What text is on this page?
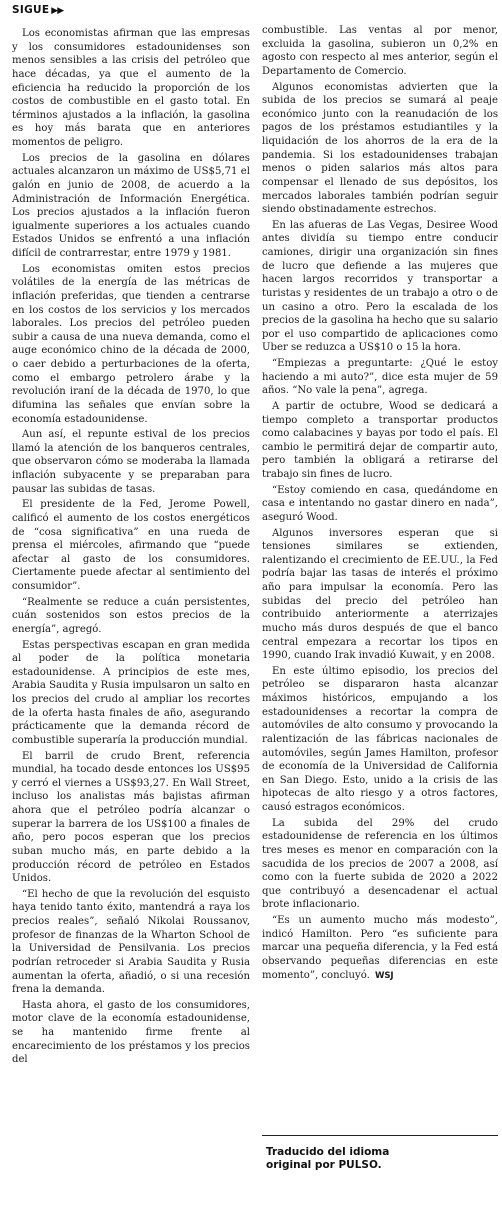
SIGUE ▶▶

Los economistas afirman que las empresas y los consumidores estadounidenses son menos sensibles a las crisis del petróleo que hace décadas, ya que el aumento de la eficiencia ha reducido la proporción de los costos de combustible en el gasto total. En términos ajustados a la inflación, la gasolina es hoy más barata que en anteriores momentos de peligro.

Los precios de la gasolina en dólares actuales alcanzaron un máximo de US$5,71 el galón en junio de 2008, de acuerdo a la Administración de Información Energética. Los precios ajustados a la inflación fueron igualmente superiores a los actuales cuando Estados Unidos se enfrentó a una inflación difícil de contrarrestar, entre 1979 y 1981.

Los economistas omiten estos precios volátiles de la energía de las métricas de inflación preferidas, que tienden a centrarse en los costos de los servicios y los mercados laborales. Los precios del petróleo pueden subir a causa de una nueva demanda, como el auge económico chino de la década de 2000, o caer debido a perturbaciones de la oferta, como el embargo petrolero árabe y la revolución iraní de la década de 1970, lo que difumina las señales que envían sobre la economía estadounidense.

Aun así, el repunte estival de los precios llamó la atención de los banqueros centrales, que observaron cómo se moderaba la llamada inflación subyacente y se preparaban para pausar las subidas de tasas.

El presidente de la Fed, Jerome Powell, calificó el aumento de los costos energéticos de “cosa significativa” en una rueda de prensa el miércoles, afirmando que “puede afectar al gasto de los consumidores. Ciertamente puede afectar al sentimiento del consumidor”.

“Realmente se reduce a cuán persistentes, cuán sostenidos son estos precios de la energía”, agregó.

Estas perspectivas escapan en gran medida al poder de la política monetaria estadounidense. A principios de este mes, Arabia Saudita y Rusia impulsaron un salto en los precios del crudo al ampliar los recortes de la oferta hasta finales de año, asegurando prácticamente que la demanda récord de combustible superaría la producción mundial.

El barril de crudo Brent, referencia mundial, ha tocado desde entonces los US$95 y cerró el viernes a US$93,27. En Wall Street, incluso los analistas más bajistas afirman ahora que el petróleo podría alcanzar o superar la barrera de los US$100 a finales de año, pero pocos esperan que los precios suban mucho más, en parte debido a la producción récord de petróleo en Estados Unidos.

“El hecho de que la revolución del esquisto haya tenido tanto éxito, mantendrá a raya los precios reales”, señaló Nikolai Roussanov, profesor de finanzas de la Wharton School de la Universidad de Pensilvania. Los precios podrían retroceder si Arabia Saudita y Rusia aumentan la oferta, añadió, o si una recesión frena la demanda.

Hasta ahora, el gasto de los consumidores, motor clave de la economía estadounidense, se ha mantenido firme frente al encarecimiento de los préstamos y los precios del

combustible. Las ventas al por menor, excluida la gasolina, subieron un 0,2% en agosto con respecto al mes anterior, según el Departamento de Comercio.

Algunos economistas advierten que la subida de los precios se sumará al peaje económico junto con la reanudación de los pagos de los préstamos estudiantiles y la liquidación de los ahorros de la era de la pandemia. Si los estadounidenses trabajan menos o piden salarios más altos para compensar el llenado de sus depósitos, los mercados laborales también podrían seguir siendo obstinadamente estrechos.

En las afueras de Las Vegas, Desiree Wood antes dividía su tiempo entre conducir camiones, dirigir una organización sin fines de lucro que defiende a las mujeres que hacen largos recorridos y transportar a turistas y residentes de un trabajo a otro o de un casino a otro. Pero la escalada de los precios de la gasolina ha hecho que su salario por el uso compartido de aplicaciones como Uber se reduzca a US$10 o 15 la hora.

“Empiezas a preguntarte: ¿Qué le estoy haciendo a mi auto?”, dice esta mujer de 59 años. “No vale la pena”, agrega.

A partir de octubre, Wood se dedicará a tiempo completo a transportar productos como calabacines y bayas por todo el país. El cambio le permitirá dejar de compartir auto, pero también la obligará a retirarse del trabajo sin fines de lucro.

“Estoy comiendo en casa, quedándome en casa e intentando no gastar dinero en nada”, aseguró Wood.

Algunos inversores esperan que si tensiones similares se extienden, ralentizando el crecimiento de EE.UU., la Fed podría bajar las tasas de interés el próximo año para impulsar la economía. Pero las subidas del precio del petróleo han contribuido anteriormente a aterrizajes mucho más duros después de que el banco central empezara a recortar los tipos en 1990, cuando Irak invadió Kuwait, y en 2008.

En este último episodio, los precios del petróleo se dispararon hasta alcanzar máximos históricos, empujando a los estadounidenses a recortar la compra de automóviles de alto consumo y provocando la ralentización de las fábricas nacionales de automóviles, según James Hamilton, profesor de economía de la Universidad de California en San Diego. Esto, unido a la crisis de las hipotecas de alto riesgo y a otros factores, causó estragos económicos.

La subida del 29% del crudo estadounidense de referencia en los últimos tres meses es menor en comparación con la sacudida de los precios de 2007 a 2008, así como con la fuerte subida de 2020 a 2022 que contribuyó a desencadenar el actual brote inflacionario.

“Es un aumento mucho más modesto”, indicó Hamilton. Pero “es suficiente para marcar una pequeña diferencia, y la Fed está observando pequeñas diferencias en este momento”, concluyó. WSJ

Traducido del idioma
original por PULSO.
